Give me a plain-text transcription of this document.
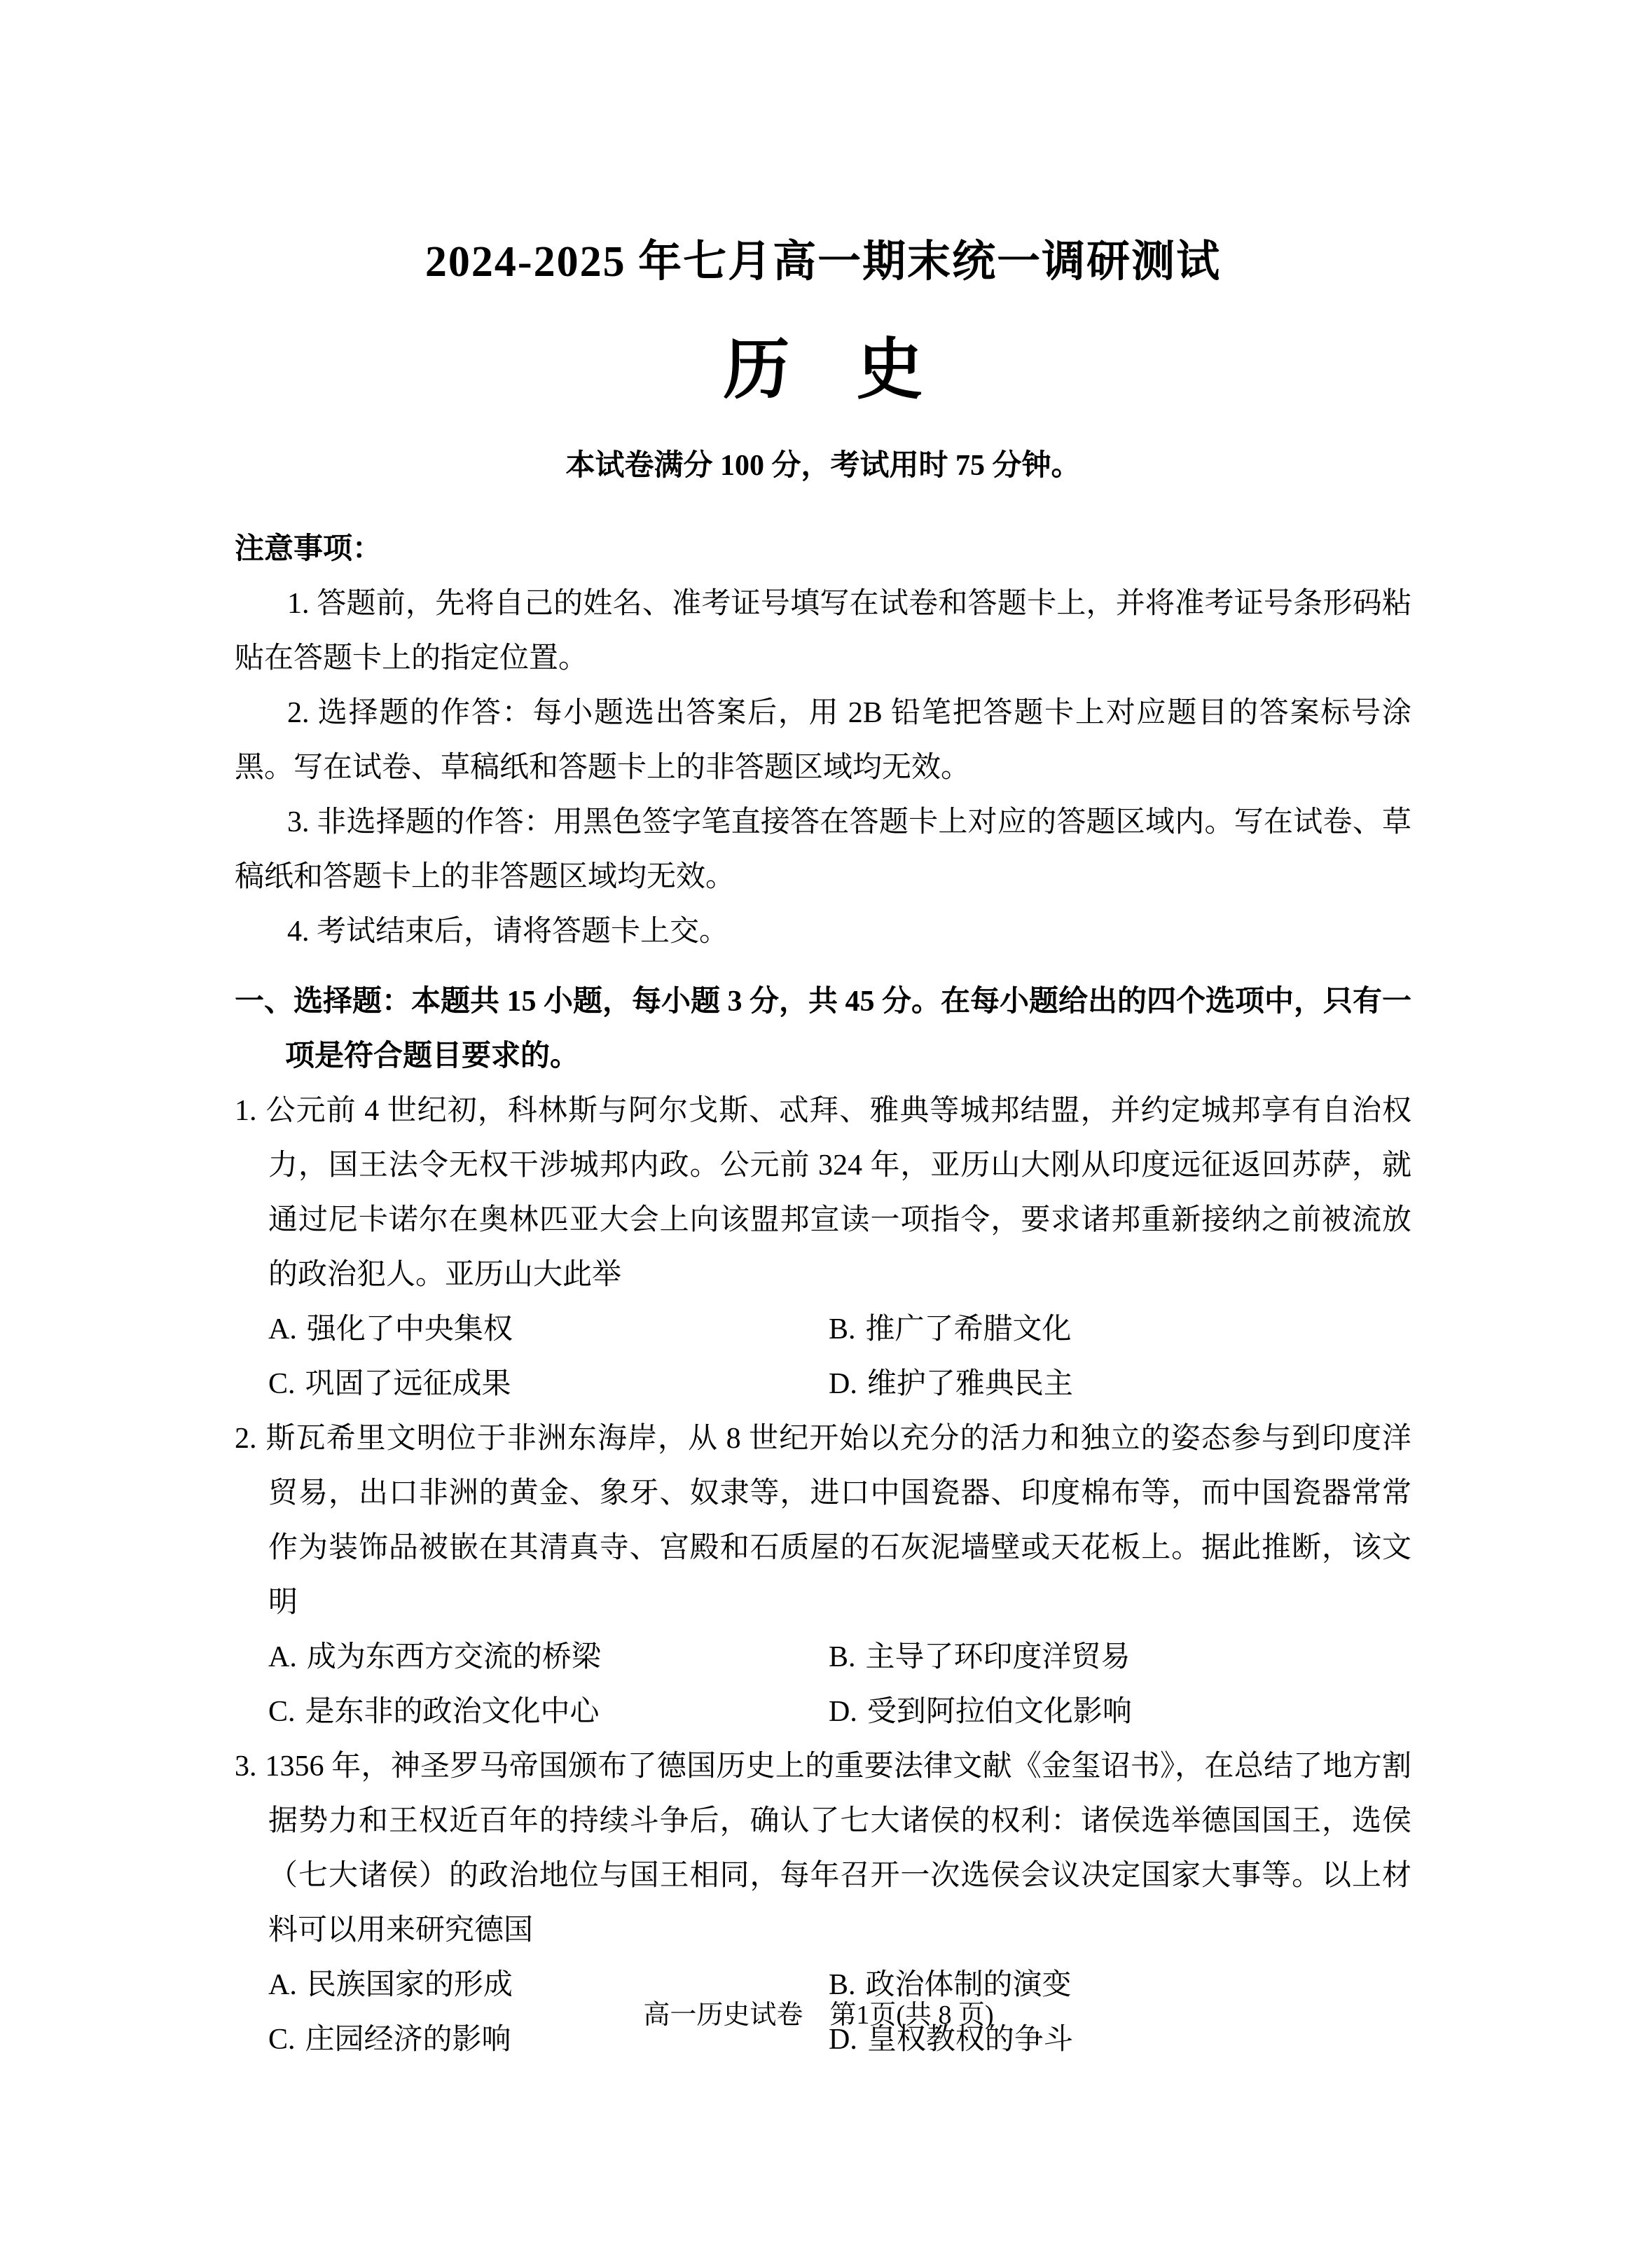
2024-2025 年七月高一期末统一调研测试
历　史

本试卷满分 100 分，考试用时 75 分钟。

注意事项：

1. 答题前，先将自己的姓名、准考证号填写在试卷和答题卡上，并将准考证号条形码粘贴在答题卡上的指定位置。

2. 选择题的作答：每小题选出答案后，用 2B 铅笔把答题卡上对应题目的答案标号涂黑。写在试卷、草稿纸和答题卡上的非答题区域均无效。

3. 非选择题的作答：用黑色签字笔直接答在答题卡上对应的答题区域内。写在试卷、草稿纸和答题卡上的非答题区域均无效。

4. 考试结束后，请将答题卡上交。

一、选择题：本题共 15 小题，每小题 3 分，共 45 分。在每小题给出的四个选项中，只有一项是符合题目要求的。

1. 公元前 4 世纪初，科林斯与阿尔戈斯、忒拜、雅典等城邦结盟，并约定城邦享有自治权力，国王法令无权干涉城邦内政。公元前 324 年，亚历山大刚从印度远征返回苏萨，就通过尼卡诺尔在奥林匹亚大会上向该盟邦宣读一项指令，要求诸邦重新接纳之前被流放的政治犯人。亚历山大此举

A. 强化了中央集权	B. 推广了希腊文化
C. 巩固了远征成果	D. 维护了雅典民主

2. 斯瓦希里文明位于非洲东海岸，从 8 世纪开始以充分的活力和独立的姿态参与到印度洋贸易，出口非洲的黄金、象牙、奴隶等，进口中国瓷器、印度棉布等，而中国瓷器常常作为装饰品被嵌在其清真寺、宫殿和石质屋的石灰泥墙壁或天花板上。据此推断，该文明

A. 成为东西方交流的桥梁	B. 主导了环印度洋贸易
C. 是东非的政治文化中心	D. 受到阿拉伯文化影响

3. 1356 年，神圣罗马帝国颁布了德国历史上的重要法律文献《金玺诏书》，在总结了地方割据势力和王权近百年的持续斗争后，确认了七大诸侯的权利：诸侯选举德国国王，选侯（七大诸侯）的政治地位与国王相同，每年召开一次选侯会议决定国家大事等。以上材料可以用来研究德国

A. 民族国家的形成	B. 政治体制的演变
C. 庄园经济的影响	D. 皇权教权的争斗
高一历史试卷　第1页(共 8 页)
